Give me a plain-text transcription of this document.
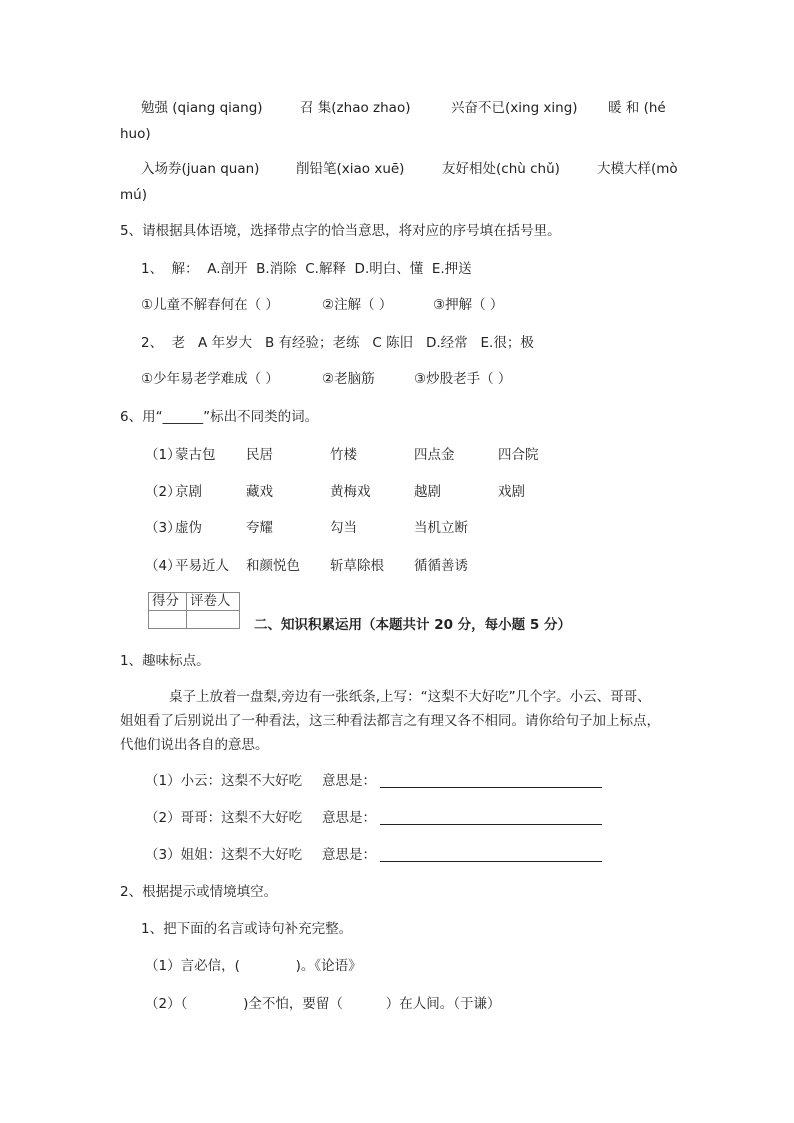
勉强 (qiang qiang)	召 集(zhao zhao)	兴奋不已(xing xing) 暖 和 (hé
huo)
入场券(juan quan)	削铅笔(xiao xuē)	友好相处(chù chǔ)	大模大样(mò
mú)
5、请根据具体语境，选择带点字的恰当意思，将对应的序号填在括号里。
1、  解：  A.剖开  B.消除  C.解释  D.明白、懂  E.押送
①儿童不解春何在（ ）	②注解（ ）	③押解（ ）
2、  老   A 年岁大   B 有经验；老练   C 陈旧   D.经常   E.很；极
①少年易老学难成（ ）	②老脑筋	③炒股老手（ ）
6、用“______”标出不同类的词。
（1）
蒙古包 民居	竹楼	四点金	四合院
（2）
京剧	藏戏	黄梅戏	越剧	戏剧
（3）
虚伪	夸耀	勾当	当机立断
（4）
平易近人 和颜悦色 斩草除根 循循善诱
得分	评卷人

二、知识积累运用（本题共计 20 分，每小题 5 分）
1、趣味标点。
桌子上放着一盘梨,旁边有一张纸条,上写：“这梨不大好吃”几个字。小云、哥哥、
姐姐看了后别说出了一种看法，这三种看法都言之有理又各不相同。请你给句子加上标点，
代他们说出各自的意思。
（1）小云：这梨不大好吃 意思是：
（2）哥哥：这梨不大好吃 意思是：
（3）姐姐：这梨不大好吃 意思是：
2、根据提示或情境填空。
1、把下面的名言或诗句补充完整。
（1）言必信，(             )。《论语》
（2）（             )全不怕，要留（          ）在人间。（于谦）
